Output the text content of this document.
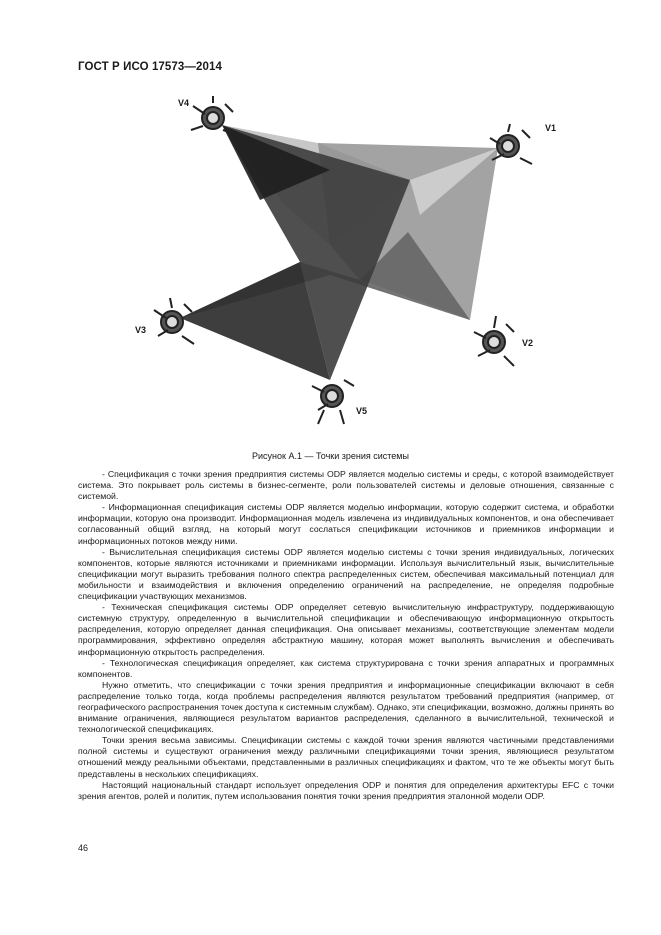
ГОСТ Р ИСО 17573—2014
V4
V1
V3
V2
V5
Рисунок А.1 — Точки зрения системы

- Спецификация с точки зрения предприятия системы ODP является моделью системы и среды, с которой взаимодействует система. Это покрывает роль системы в бизнес-сегменте, роли пользователей системы и деловые отношения, связанные с системой.

- Информационная спецификация системы ODP является моделью информации, которую содержит система, и обработки информации, которую она производит. Информационная модель извлечена из индивидуальных компонентов, и она обеспечивает согласованный общий взгляд, на который могут сослаться спецификации источников и приемников информации и информационных потоков между ними.

- Вычислительная спецификация системы ODP является моделью системы с точки зрения индивидуальных, логических компонентов, которые являются источниками и приемниками информации. Используя вычислительный язык, вычислительные спецификации могут выразить требования полного спектра распределенных систем, обеспечивая максимальный потенциал для мобильности и взаимодействия и включения определению ограничений на распределение, не определяя подробные спецификации участвующих механизмов.

- Техническая спецификация системы ODP определяет сетевую вычислительную инфраструктуру, поддерживающую системную структуру, определенную в вычислительной спецификации и обеспечивающую информационную открытость распределения, которую определяет данная спецификация. Она описывает механизмы, соответствующие элементам модели программирования, эффективно определяя абстрактную машину, которая может выполнять вычисления и обеспечивать информационную открытость распределения.

- Технологическая спецификация определяет, как система структурирована с точки зрения аппаратных и программных компонентов.

Нужно отметить, что спецификации с точки зрения предприятия и информационные спецификации включают в себя распределение только тогда, когда проблемы распределения являются результатом требований предприятия (например, от географического распространения точек доступа к системным службам). Однако, эти спецификации, возможно, должны принять во внимание ограничения, являющиеся результатом вариантов распределения, сделанного в вычислительной, технической и технологической спецификациях.

Точки зрения весьма зависимы. Спецификации системы с каждой точки зрения являются частичными представлениями полной системы и существуют ограничения между различными спецификациями точки зрения, являющиеся результатом отношений между реальными объектами, представленными в различных спецификациях и фактом, что те же объекты могут быть представлены в нескольких спецификациях.

Настоящий национальный стандарт использует определения ODP и понятия для определения архитектуры EFC с точки зрения агентов, ролей и политик, путем использования понятия точки зрения предприятия эталонной модели ODP.

46
